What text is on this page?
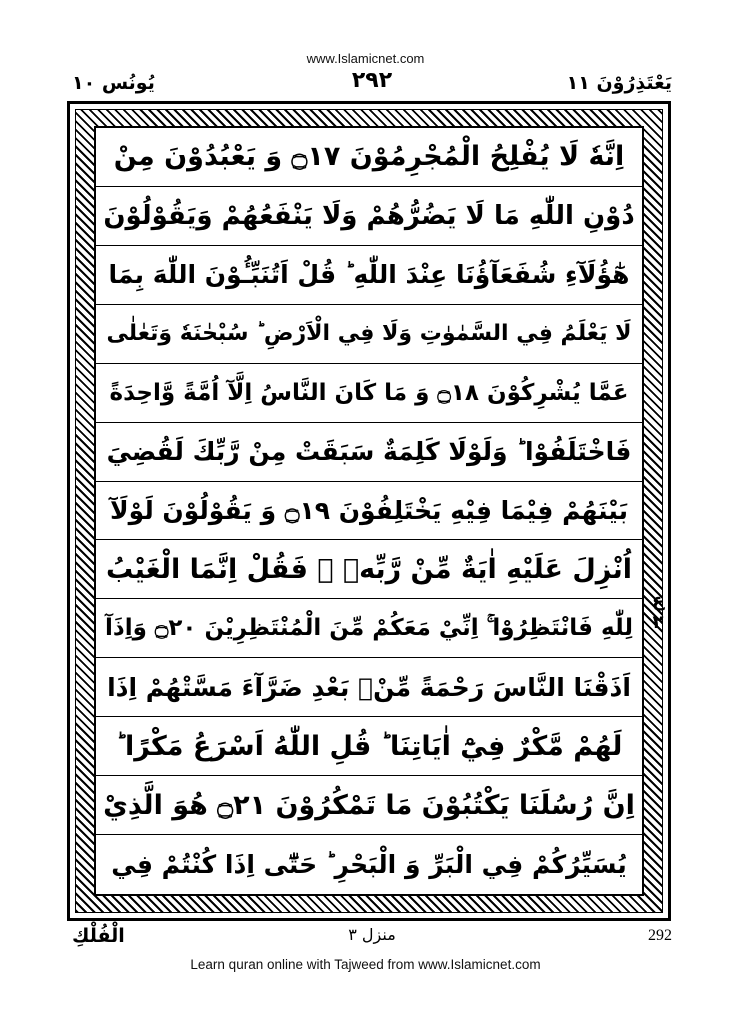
www.Islamicnet.com
يُونُس ١٠	٢٩٢	يَعْتَذِرُوْنَ ١١
اِنَّهٗ لَا يُفْلِحُ الْمُجْرِمُوْنَ ۝١٧ وَ يَعْبُدُوْنَ مِنْ
دُوْنِ اللّٰهِ مَا لَا يَضُرُّهُمْ وَلَا يَنْفَعُهُمْ وَيَقُوْلُوْنَ
هٰٓؤُلَآءِ شُفَعَآؤُنَا عِنْدَ اللّٰهِ ؕ قُلْ اَتُنَبِّـُٔوْنَ اللّٰهَ بِمَا
لَا يَعْلَمُ فِي السَّمٰوٰتِ وَلَا فِي الْاَرْضِ ؕ سُبْحٰنَهٗ وَتَعٰلٰى
عَمَّا يُشْرِكُوْنَ ۝١٨ وَ مَا كَانَ النَّاسُ اِلَّآ اُمَّةً وَّاحِدَةً
فَاخْتَلَفُوْا ؕ وَلَوْلَا كَلِمَةٌ سَبَقَتْ مِنْ رَّبِّكَ لَقُضِيَ
بَيْنَهُمْ فِيْمَا فِيْهِ يَخْتَلِفُوْنَ ۝١٩ وَ يَقُوْلُوْنَ لَوْلَآ
اُنْزِلَ عَلَيْهِ اٰيَةٌ مِّنْ رَّبِّهٖ ۚ فَقُلْ اِنَّمَا الْغَيْبُ
لِلّٰهِ فَانْتَظِرُوْا ۚ اِنِّيْ مَعَكُمْ مِّنَ الْمُنْتَظِرِيْنَ ۝٢٠ وَاِذَآ
اَذَقْنَا النَّاسَ رَحْمَةً مِّنْۢ بَعْدِ ضَرَّآءَ مَسَّتْهُمْ اِذَا
لَهُمْ مَّكْرٌ فِيْٓ اٰيَاتِنَا ؕ قُلِ اللّٰهُ اَسْرَعُ مَكْرًا ؕ
اِنَّ رُسُلَنَا يَكْتُبُوْنَ مَا تَمْكُرُوْنَ ۝٢١ هُوَ الَّذِيْ
يُسَيِّرُكُمْ فِي الْبَرِّ وَ الْبَحْرِ ؕ حَتّٰٓى اِذَا كُنْتُمْ فِي
ع ٢
الْفُلْكِ	منزل ٣	292
Learn quran online with Tajweed from www.Islamicnet.com
